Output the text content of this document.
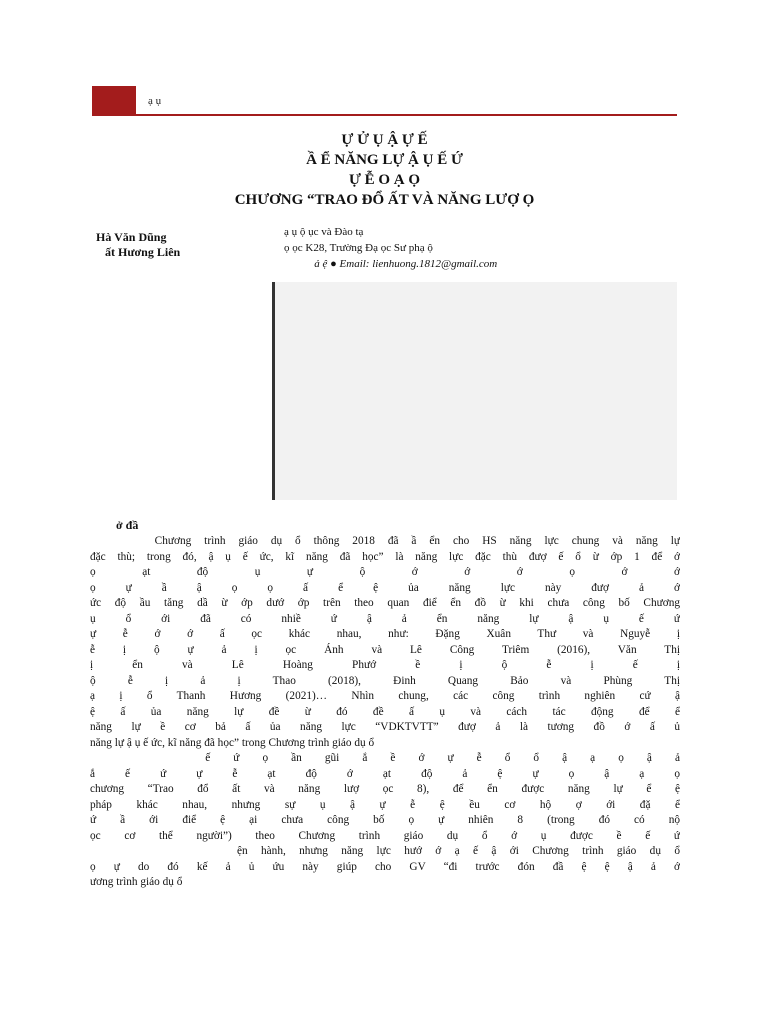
ạ ụ
Ự Ử Ụ Ậ Ự Ế
Ầ Ể NĂNG LỰ Ậ Ụ Ế Ứ
Ự Ễ O Ạ Ọ
CHƯƠNG “TRAO ĐỔ ẤT VÀ NĂNG LƯỢ Ọ
Hà Văn Dũng
ất Hương Liên
ạ ụ ộ ục và Đào tạ
ọ ọc K28, Trường Đạ ọc Sư phạ ộ
ả ệ ● Email: lienhuong.1812@gmail.com
ở đầ
Chương trình giáo dụ ổ thông 2018 đã ầ ển cho HS năng lực chung và năng lự
đặc thù; trong đó, ậ ụ ế ức, kĩ năng đã học” là năng lực đặc thù đượ ế ổ ừ ớp 1 để ớ
ọ ạt độ ụ ự ộ ớ ớ ớ ọ ớ ớ
ọ ự ầ ậ ọ ọ ấ ể ệ ủa năng lực này đượ ả ớ
ức độ ầu tăng dầ ừ ớp dướ ớp trên theo quan điể ển đồ ừ khi chưa công bố Chương
ụ ổ ới đã có nhiề ứ ậ ả ển năng lự ậ ụ ế ứ
ự ễ ớ ớ ấ ọc khác nhau, như: Đặng Xuân Thư và Nguyễ ị
ễ ị ộ ự ả ị ọc Ánh và Lê Công Triêm (2016), Văn Thị
ị ển và Lê Hoàng Phướ ề ị ộ ễ ị ế ị
ộ ễ ị ả ị Thao (2018), Đinh Quang Bảo và Phùng Thị
ạ ị ổ Thanh Hương (2021)… Nhìn chung, các công trình nghiên cứ ậ
ệ ấ ủa năng lự đề ừ đó đề ấ ụ và cách tác động để ể
năng lự ề cơ bả ấ ủa năng lực “VDKTVTT” đượ ả là tương đồ ớ ấ ủ
năng lự ậ ụ ế ức, kĩ năng đã học” trong Chương trình giáo dụ ổ
ế ứ ọ ần gũi ắ ề ớ ự ễ ổ ổ ậ ạ ọ ậ ả
ắ ế ứ ự ễ ạt độ ớ ạt độ ả ệ ự ọ ậ ạ ọ
chương “Trao đổ ất và năng lượ ọc 8), để ển được năng lự ể ệ
pháp khác nhau, nhưng sự ụ ậ ự ễ ệ ều cơ hộ ợ ới đặ ể
ứ ầ ới điể ệ ại chưa công bố ọ ự nhiên 8 (trong đó có nộ
ọc cơ thể người”) theo Chương trình giáo dụ ổ ớ ụ được ề ế ứ
ện hành, nhưng năng lực hướ ớ ạ ế ậ ới Chương trình giáo dụ ổ
ọ ự do đó kế ả ủ ứu này giúp cho GV “đi trước đón đầ ệ ệ ậ ả ớ
ương trình giáo dụ ổ
